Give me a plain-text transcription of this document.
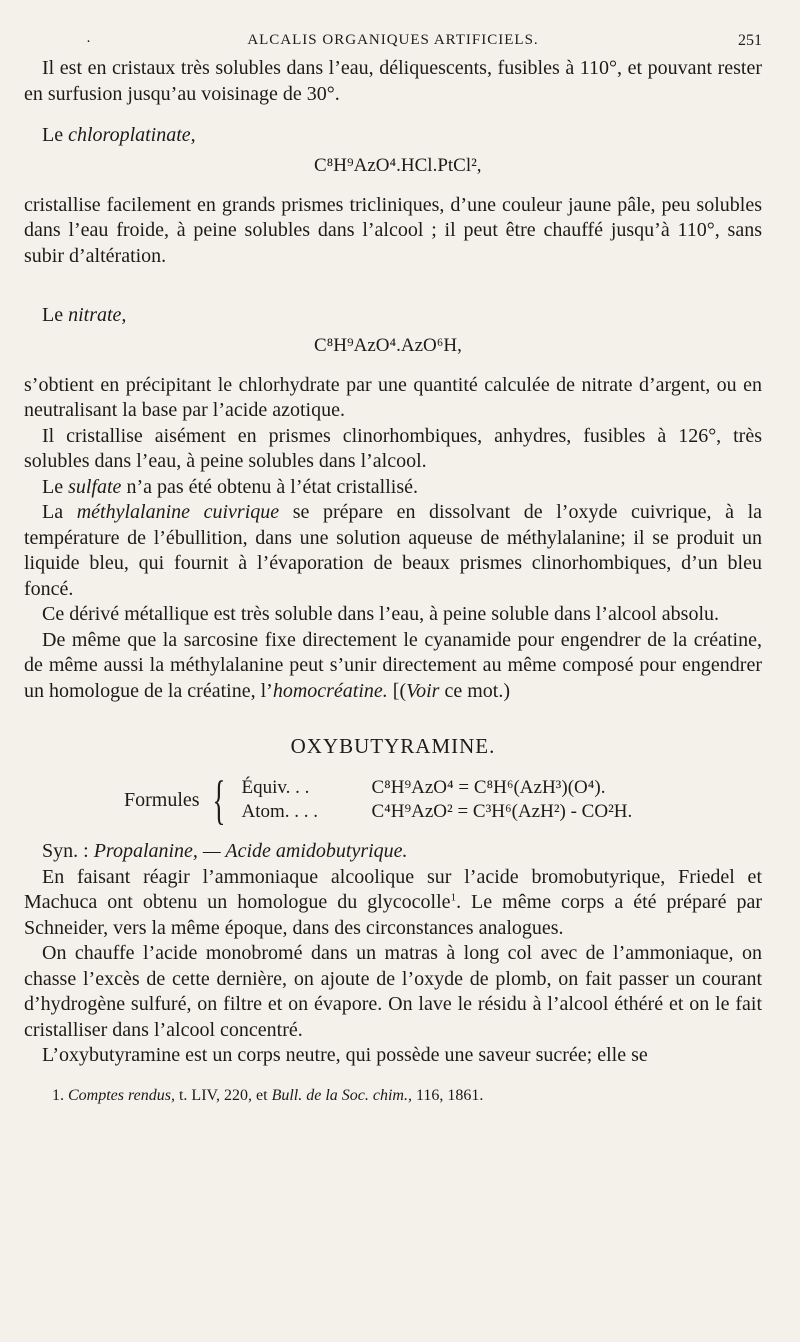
·	ALCALIS ORGANIQUES ARTIFICIELS.	251

Il est en cristaux très solubles dans l’eau, déliquescents, fusibles à 110°, et pouvant rester en surfusion jusqu’au voisinage de 30°.

Le chloroplatinate,

C⁸H⁹AzO⁴.HCl.PtCl²,

cristallise facilement en grands prismes tricliniques, d’une couleur jaune pâle, peu solubles dans l’eau froide, à peine solubles dans l’alcool ; il peut être chauffé jusqu’à 110°, sans subir d’altération.

Le nitrate,

C⁸H⁹AzO⁴.AzO⁶H,

s’obtient en précipitant le chlorhydrate par une quantité calculée de nitrate d’argent, ou en neutralisant la base par l’acide azotique.

Il cristallise aisément en prismes clinorhombiques, anhydres, fusibles à 126°, très solubles dans l’eau, à peine solubles dans l’alcool.

Le sulfate n’a pas été obtenu à l’état cristallisé.

La méthylalanine cuivrique se prépare en dissolvant de l’oxyde cuivrique, à la température de l’ébullition, dans une solution aqueuse de méthylalanine; il se produit un liquide bleu, qui fournit à l’évaporation de beaux prismes clinorhombiques, d’un bleu foncé.

Ce dérivé métallique est très soluble dans l’eau, à peine soluble dans l’alcool absolu.

De même que la sarcosine fixe directement le cyanamide pour engendrer de la créatine, de même aussi la méthylalanine peut s’unir directement au même composé pour engendrer un homologue de la créatine, l’homocréatine. [(Voir ce mot.)

OXYBUTYRAMINE.
Formules { Équiv. . .	C⁸H⁹AzO⁴ = C⁸H⁶(AzH³)(O⁴).
Atom. . . .	C⁴H⁹AzO² = C³H⁶(AzH²) - CO²H.

Syn. : Propalanine, — Acide amidobutyrique.

En faisant réagir l’ammoniaque alcoolique sur l’acide bromobutyrique, Friedel et Machuca ont obtenu un homologue du glycocolle$^1$. Le même corps a été préparé par Schneider, vers la même époque, dans des circonstances analogues.

On chauffe l’acide monobromé dans un matras à long col avec de l’ammoniaque, on chasse l’excès de cette dernière, on ajoute de l’oxyde de plomb, on fait passer un courant d’hydrogène sulfuré, on filtre et on évapore. On lave le résidu à l’alcool éthéré et on le fait cristalliser dans l’alcool concentré.

L’oxybutyramine est un corps neutre, qui possède une saveur sucrée; elle se

1. Comptes rendus, t. LIV, 220, et Bull. de la Soc. chim., 116, 1861.
